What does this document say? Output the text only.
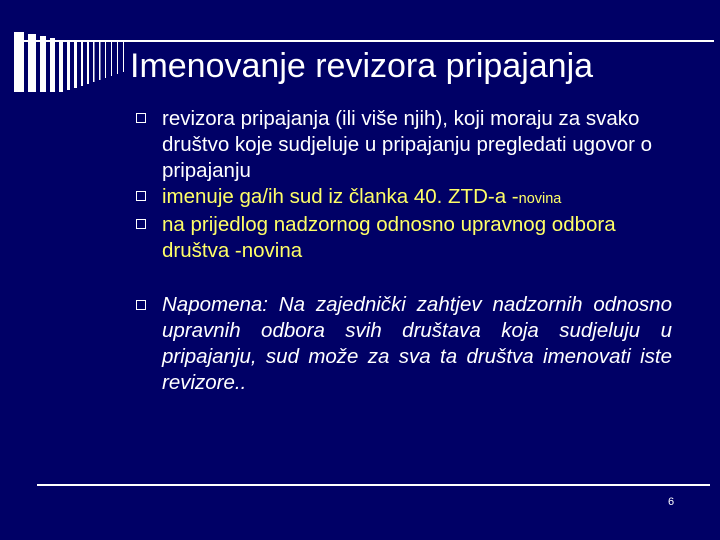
Imenovanje revizora pripajanja

revizora pripajanja (ili više njih), koji moraju za svako društvo koje sudjeluje u pripajanju pregledati ugovor o pripajanju

imenuje ga/ih sud iz članka 40. ZTD-a -novina

na prijedlog nadzornog odnosno upravnog odbora društva -novina

Napomena: Na zajednički zahtjev nadzornih odnosno upravnih odbora svih društava koja sudjeluju u pripajanju, sud može za sva ta društva imenovati iste revizore..

6
